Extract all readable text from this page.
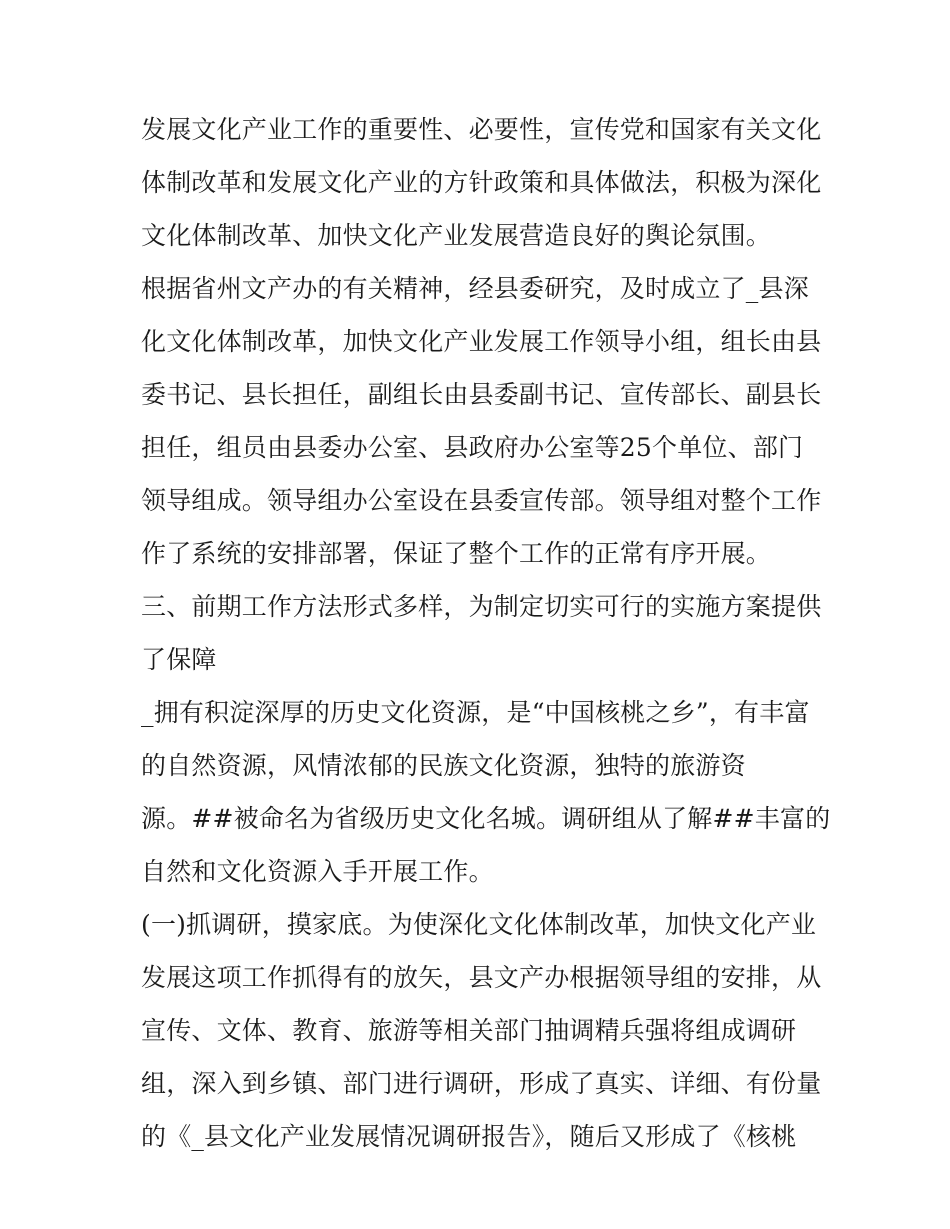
发展文化产业工作的重要性、必要性，宣传党和国家有关文化
体制改革和发展文化产业的方针政策和具体做法，积极为深化
文化体制改革、加快文化产业发展营造良好的舆论氛围。
根据省州文产办的有关精神，经县委研究，及时成立了_县深
化文化体制改革，加快文化产业发展工作领导小组，组长由县
委书记、县长担任，副组长由县委副书记、宣传部长、副县长
担任，组员由县委办公室、县政府办公室等25个单位、部门
领导组成。领导组办公室设在县委宣传部。领导组对整个工作
作了系统的安排部署，保证了整个工作的正常有序开展。
三、前期工作方法形式多样，为制定切实可行的实施方案提供
了保障
_拥有积淀深厚的历史文化资源，是“中国核桃之乡”，有丰富
的自然资源，风情浓郁的民族文化资源，独特的旅游资
源。##被命名为省级历史文化名城。调研组从了解##丰富的
自然和文化资源入手开展工作。
(一)抓调研，摸家底。为使深化文化体制改革，加快文化产业
发展这项工作抓得有的放矢，县文产办根据领导组的安排，从
宣传、文体、教育、旅游等相关部门抽调精兵强将组成调研
组，深入到乡镇、部门进行调研，形成了真实、详细、有份量
的《_县文化产业发展情况调研报告》，随后又形成了《核桃
